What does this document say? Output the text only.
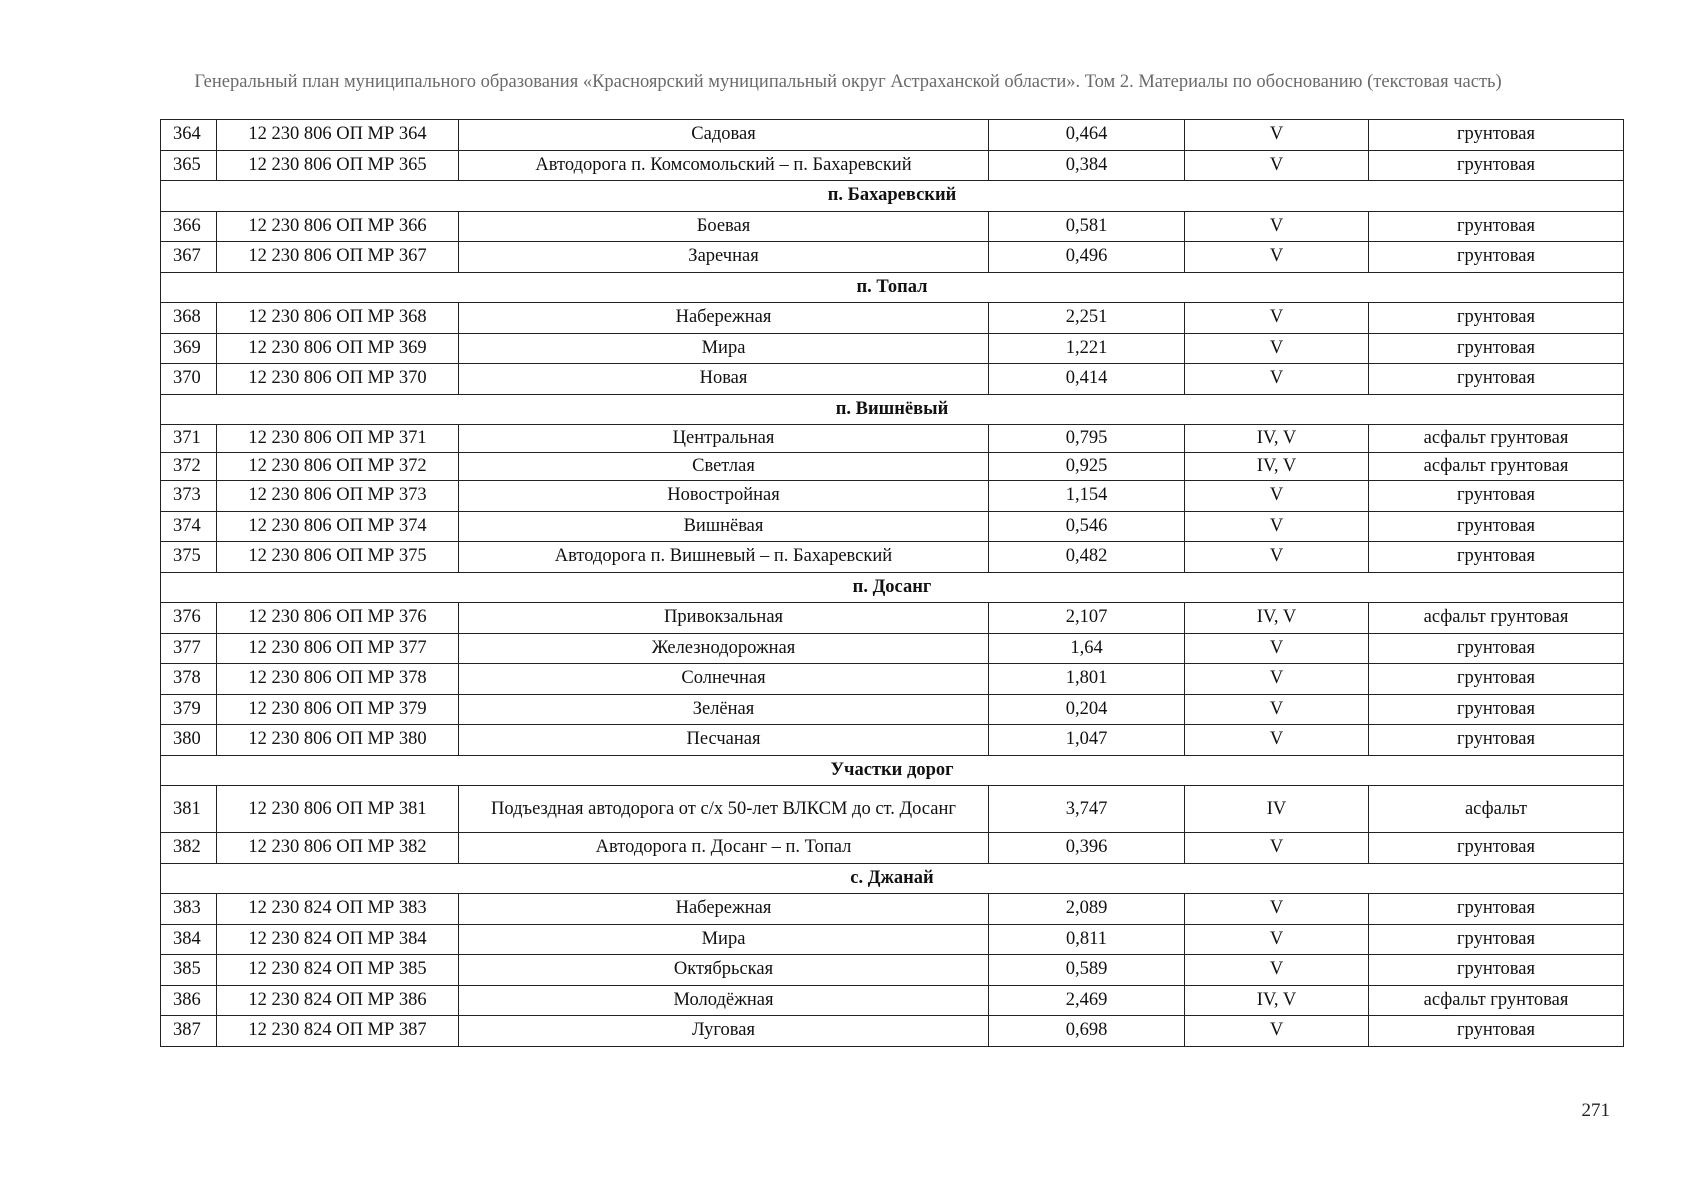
Генеральный план муниципального образования «Красноярский муниципальный округ Астраханской области». Том 2. Материалы по обоснованию (текстовая часть)
364	12 230 806 ОП МР 364	Садовая	0,464	V	грунтовая
365	12 230 806 ОП МР 365	Автодорога п. Комсомольский – п. Бахаревский	0,384	V	грунтовая
п. Бахаревский					
366	12 230 806 ОП МР 366	Боевая	0,581	V	грунтовая
367	12 230 806 ОП МР 367	Заречная	0,496	V	грунтовая
п. Топал					
368	12 230 806 ОП МР 368	Набережная	2,251	V	грунтовая
369	12 230 806 ОП МР 369	Мира	1,221	V	грунтовая
370	12 230 806 ОП МР 370	Новая	0,414	V	грунтовая
п. Вишнёвый					
371	12 230 806 ОП МР 371	Центральная	0,795	IV, V	асфальт грунтовая
372	12 230 806 ОП МР 372	Светлая	0,925	IV, V	асфальт грунтовая
373	12 230 806 ОП МР 373	Новостройная	1,154	V	грунтовая
374	12 230 806 ОП МР 374	Вишнёвая	0,546	V	грунтовая
375	12 230 806 ОП МР 375	Автодорога п. Вишневый – п. Бахаревский	0,482	V	грунтовая
п. Досанг					
376	12 230 806 ОП МР 376	Привокзальная	2,107	IV, V	асфальт грунтовая
377	12 230 806 ОП МР 377	Железнодорожная	1,64	V	грунтовая
378	12 230 806 ОП МР 378	Солнечная	1,801	V	грунтовая
379	12 230 806 ОП МР 379	Зелёная	0,204	V	грунтовая
380	12 230 806 ОП МР 380	Песчаная	1,047	V	грунтовая
Участки дорог					
381	12 230 806 ОП МР 381	Подъездная автодорога от с/х 50-лет ВЛКСМ до ст. Досанг	3,747	IV	асфальт
382	12 230 806 ОП МР 382	Автодорога п. Досанг – п. Топал	0,396	V	грунтовая
с. Джанай					
383	12 230 824 ОП МР 383	Набережная	2,089	V	грунтовая
384	12 230 824 ОП МР 384	Мира	0,811	V	грунтовая
385	12 230 824 ОП МР 385	Октябрьская	0,589	V	грунтовая
386	12 230 824 ОП МР 386	Молодёжная	2,469	IV, V	асфальт грунтовая
387	12 230 824 ОП МР 387	Луговая	0,698	V	грунтовая
271
